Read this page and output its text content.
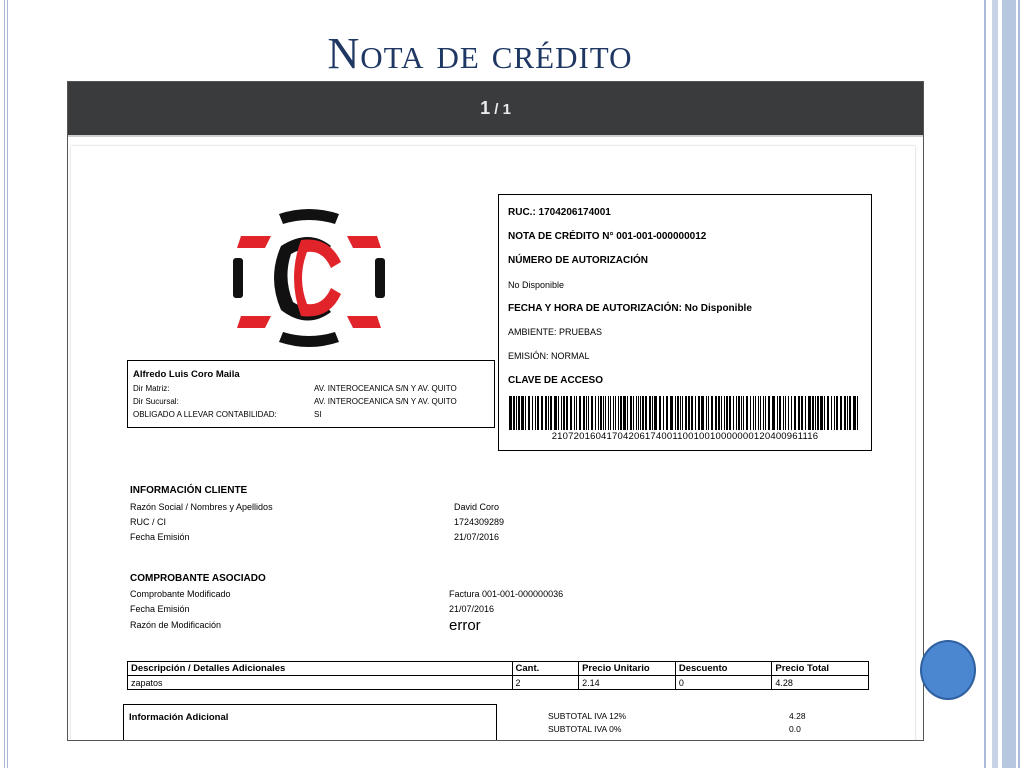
Nota de crédito
1 / 1
Alfredo Luis Coro Maila
Dir Matriz:	AV. INTEROCEANICA S/N Y AV. QUITO
Dir Sucursal:	AV. INTEROCEANICA S/N Y AV. QUITO
OBLIGADO A LLEVAR CONTABILIDAD:	SI
RUC.: 1704206174001
NOTA DE CRÉDITO N° 001-001-000000012
NÚMERO DE AUTORIZACIÓN
No Disponible
FECHA Y HORA DE AUTORIZACIÓN: No Disponible
AMBIENTE: PRUEBAS
EMISIÓN: NORMAL
CLAVE DE ACCESO
2107201604170420617400110010010000000120400961116
INFORMACIÓN CLIENTE
Razón Social / Nombres y Apellidos	David Coro
RUC / CI	1724309289
Fecha Emisión	21/07/2016
COMPROBANTE ASOCIADO
Comprobante Modificado	Factura 001-001-000000036
Fecha Emisión	21/07/2016
Razón de Modificación	error
Descripción / Detalles Adicionales	Cant.	Precio Unitario	Descuento	Precio Total
zapatos	2	2.14	0	4.28
Información Adicional	SUBTOTAL IVA 12%	4.28
SUBTOTAL IVA 0%	0.0
